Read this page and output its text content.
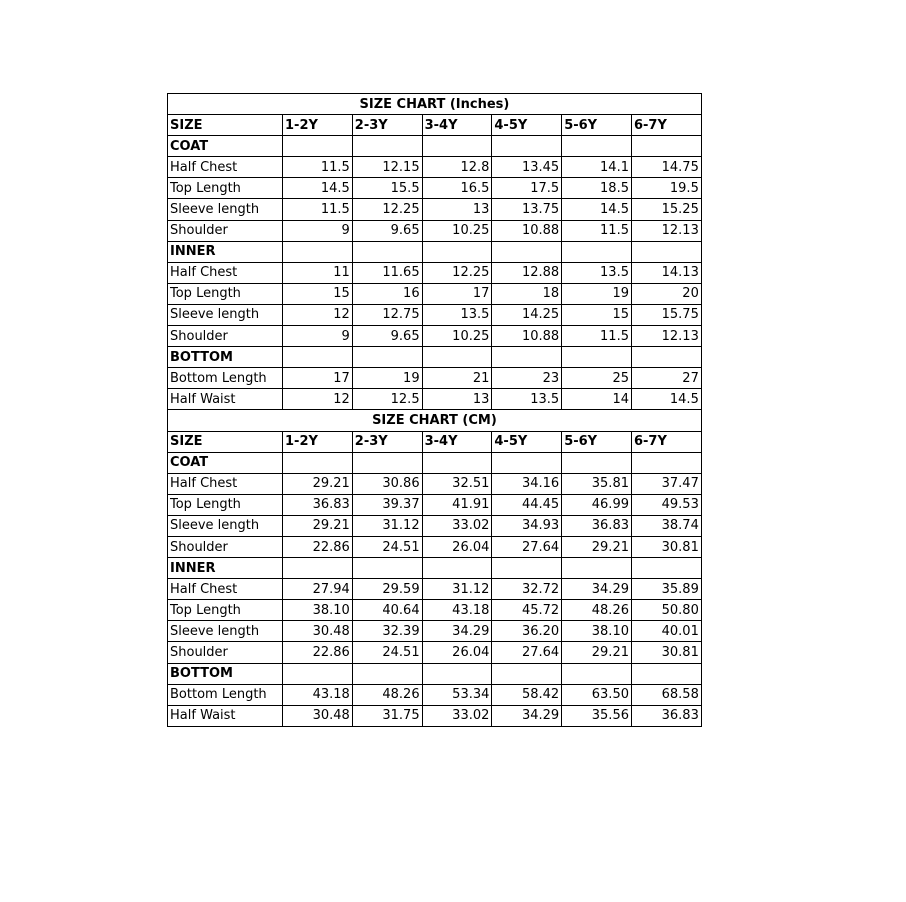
SIZE CHART (Inches)						
SIZE	1-2Y	2-3Y	3-4Y	4-5Y	5-6Y	6-7Y
COAT						
Half Chest	11.5	12.15	12.8	13.45	14.1	14.75
Top Length	14.5	15.5	16.5	17.5	18.5	19.5
Sleeve length	11.5	12.25	13	13.75	14.5	15.25
Shoulder	9	9.65	10.25	10.88	11.5	12.13
INNER						
Half Chest	11	11.65	12.25	12.88	13.5	14.13
Top Length	15	16	17	18	19	20
Sleeve length	12	12.75	13.5	14.25	15	15.75
Shoulder	9	9.65	10.25	10.88	11.5	12.13
BOTTOM						
Bottom Length	17	19	21	23	25	27
Half Waist	12	12.5	13	13.5	14	14.5
SIZE CHART (CM)						
SIZE	1-2Y	2-3Y	3-4Y	4-5Y	5-6Y	6-7Y
COAT						
Half Chest	29.21	30.86	32.51	34.16	35.81	37.47
Top Length	36.83	39.37	41.91	44.45	46.99	49.53
Sleeve length	29.21	31.12	33.02	34.93	36.83	38.74
Shoulder	22.86	24.51	26.04	27.64	29.21	30.81
INNER						
Half Chest	27.94	29.59	31.12	32.72	34.29	35.89
Top Length	38.10	40.64	43.18	45.72	48.26	50.80
Sleeve length	30.48	32.39	34.29	36.20	38.10	40.01
Shoulder	22.86	24.51	26.04	27.64	29.21	30.81
BOTTOM						
Bottom Length	43.18	48.26	53.34	58.42	63.50	68.58
Half Waist	30.48	31.75	33.02	34.29	35.56	36.83
